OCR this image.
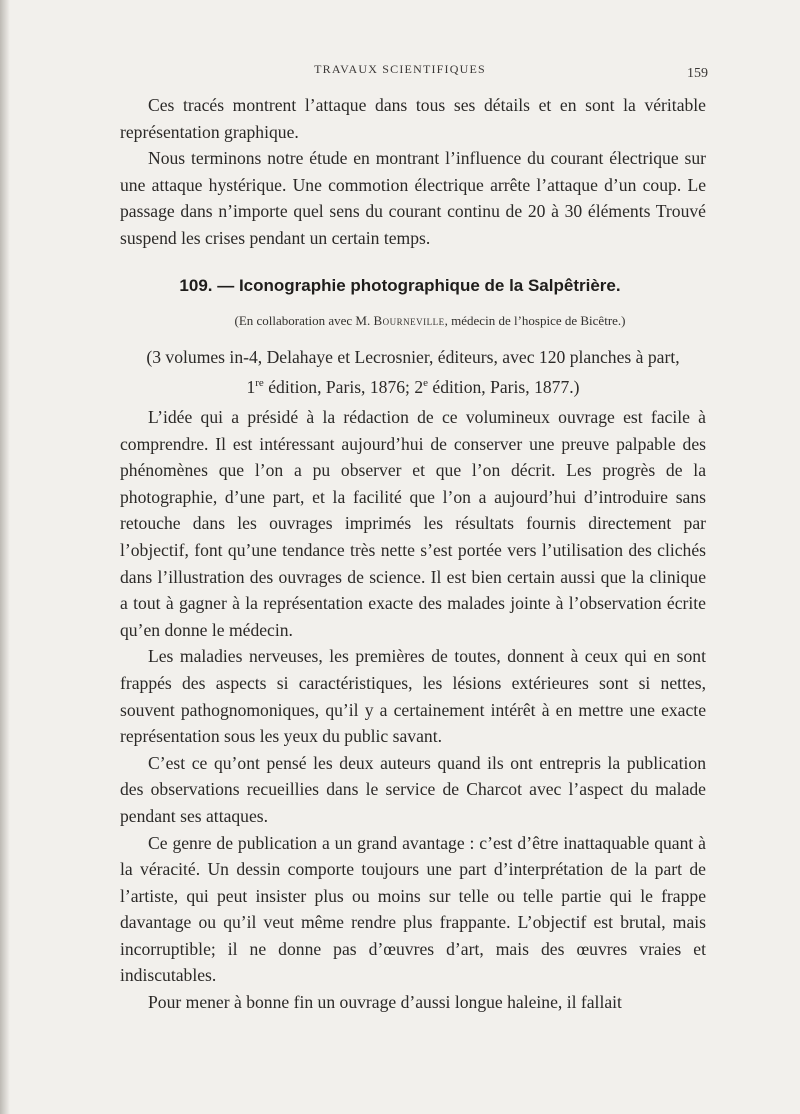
TRAVAUX SCIENTIFIQUES	159

Ces tracés montrent l’attaque dans tous ses détails et en sont la véritable représentation graphique.

Nous terminons notre étude en montrant l’influence du courant électrique sur une attaque hystérique. Une commotion électrique arrête l’attaque d’un coup. Le passage dans n’importe quel sens du courant continu de 20 à 30 éléments Trouvé suspend les crises pendant un certain temps.

109. — Iconographie photographique de la Salpêtrière.
(En collaboration avec M. Bourneville, médecin de l’hospice de Bicêtre.)
(3 volumes in-4, Delahaye et Lecrosnier, éditeurs, avec 120 planches à part,
1re édition, Paris, 1876; 2e édition, Paris, 1877.)

L’idée qui a présidé à la rédaction de ce volumineux ouvrage est facile à comprendre. Il est intéressant aujourd’hui de conserver une preuve palpable des phénomènes que l’on a pu observer et que l’on décrit. Les progrès de la photographie, d’une part, et la facilité que l’on a aujourd’hui d’introduire sans retouche dans les ouvrages imprimés les résultats fournis directement par l’objectif, font qu’une tendance très nette s’est portée vers l’utilisation des clichés dans l’illustration des ouvrages de science. Il est bien certain aussi que la clinique a tout à gagner à la représentation exacte des malades jointe à l’observation écrite qu’en donne le médecin.

Les maladies nerveuses, les premières de toutes, donnent à ceux qui en sont frappés des aspects si caractéristiques, les lésions extérieures sont si nettes, souvent pathognomoniques, qu’il y a certainement intérêt à en mettre une exacte représentation sous les yeux du public savant.

C’est ce qu’ont pensé les deux auteurs quand ils ont entrepris la publication des observations recueillies dans le service de Charcot avec l’aspect du malade pendant ses attaques.

Ce genre de publication a un grand avantage : c’est d’être inattaquable quant à la véracité. Un dessin comporte toujours une part d’interprétation de la part de l’artiste, qui peut insister plus ou moins sur telle ou telle partie qui le frappe davantage ou qu’il veut même rendre plus frappante. L’objectif est brutal, mais incorruptible; il ne donne pas d’œuvres d’art, mais des œuvres vraies et indiscutables.

Pour mener à bonne fin un ouvrage d’aussi longue haleine, il fallait
